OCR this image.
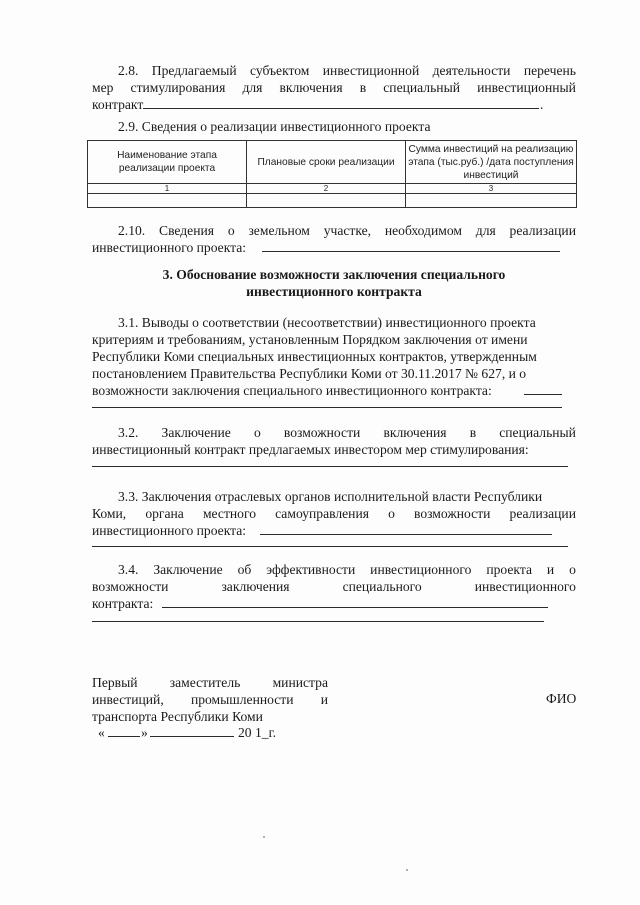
2.8. Предлагаемый субъектом инвестиционной деятельности перечень
мер стимулирования для включения в специальный инвестиционный
контракт	.
2.9. Сведения о реализации инвестиционного проекта
Наименование этапа реализации проекта	Плановые сроки реализации	Сумма инвестиций на реализацию этапа (тыс.руб.) /дата поступления инвестиций
1	2	3

2.10. Сведения о земельном участке, необходимом для реализации
инвестиционного проекта:
3. Обоснование возможности заключения специального
инвестиционного контракта
3.1. Выводы о соответствии (несоответствии) инвестиционного проекта
критериям и требованиям, установленным Порядком заключения от имени
Республики Коми специальных инвестиционных контрактов, утвержденным
постановлением Правительства Республики Коми от 30.11.2017 № 627, и о
возможности заключения специального инвестиционного контракта:
3.2. Заключение о возможности включения в специальный
инвестиционный контракт предлагаемых инвестором мер стимулирования:
3.3. Заключения отраслевых органов исполнительной власти Республики
Коми, органа местного самоуправления о возможности реализации
инвестиционного проекта:
3.4. Заключение об эффективности инвестиционного проекта и о
возможности	заключения	специального	инвестиционного
контракта:
Первый заместитель министра
инвестиций, промышленности и
транспорта Республики Коми
ФИО
«	»	20 1_г.
